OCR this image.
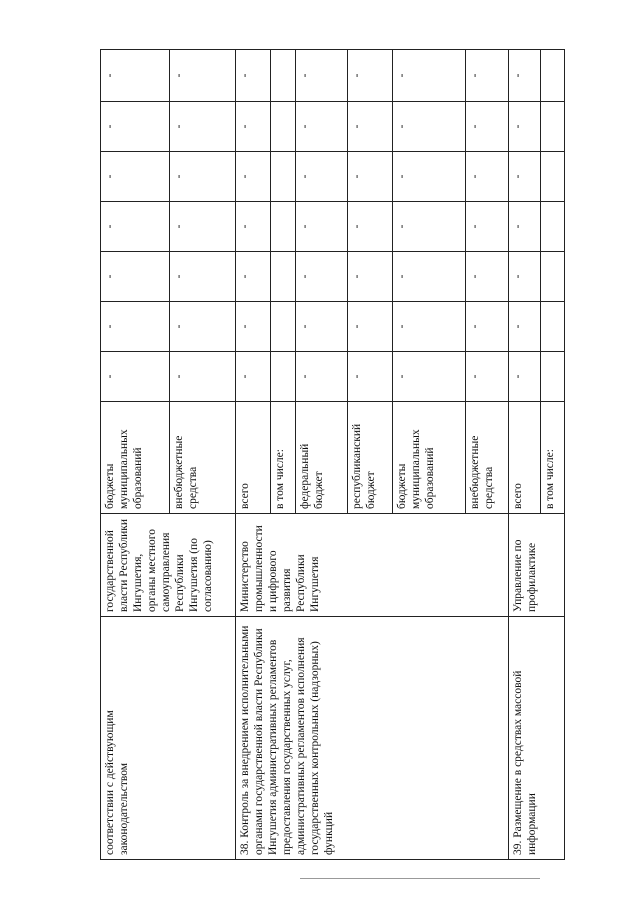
соответствии с действующим законодательством	государственной власти Республики Ингушетия, органы местного самоуправления Республики Ингушетия (по согласованию)	бюджеты муниципальных образований	-	-	-	-	-	-	-
		внебюджетные средства	-	-	-	-	-	-	-
38. Контроль за внедрением исполнительными органами государственной власти Республики Ингушетия административных регламентов предоставления государственных услуг, административных регламентов исполнения государственных контрольных (надзорных) функций	Министерство промышленности и цифрового развития Республики Ингушетия	всего	-	-	-	-	-	-	-
		в том числе:							
		федеральный бюджет	-	-	-	-	-	-	-
		республиканский бюджет	-	-	-	-	-	-	-
		бюджеты муниципальных образований	-	-	-	-	-	-	-
		внебюджетные средства	-	-	-	-	-	-	-
39. Размещение в средствах массовой информации	Управление по профилактике	всего	-	-	-	-	-	-	-
		в том числе:							
